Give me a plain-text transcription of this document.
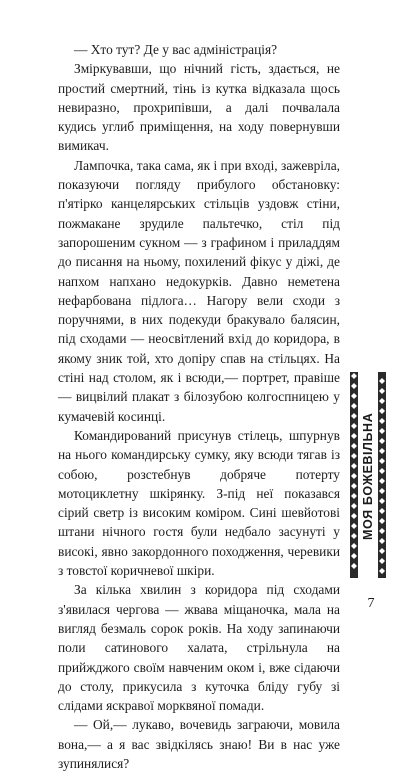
— Хто тут? Де у вас адміністрація?

Зміркувавши, що нічний гість, здається, не простий смертний, тінь із кутка відказала щось невиразно, прохрипівши, а далі почвалала кудись углиб приміщення, на ходу повернувши вимикач.

Лампочка, така сама, як і при вході, зажевріла, показуючи погляду прибулого обстановку: п'ятірко канцелярських стільців уздовж стіни, пожмакане зрудиле пальтечко, стіл під запорошеним сукном — з графином і приладдям до писання на ньому, похилений фікус у діжі, де напхом напхано недокурків. Давно неметена нефарбована підлога… Нагору вели сходи з поручнями, в них подекуди бракувало балясин, під сходами — неосвітлений вхід до коридора, в якому зник той, хто допіру спав на стільцях. На стіні над столом, як і всюди,— портрет, правіше — вицвілий плакат з білозубою колгоспницею у кумачевій косинці.

Командирований присунув стілець, шпурнув на нього командирську сумку, яку всюди тягав із собою, розстебнув добряче потерту мотоциклетну шкірянку. З-під неї показався сірий светр із високим коміром. Сині шевйотові штани нічного гостя були недбало засунуті у високі, явно закордонного походження, черевики з товстої коричневої шкіри.

За кілька хвилин з коридора під сходами з'явилася чергова — жвава міщаночка, мала на вигляд безмаль сорок років. На ходу запинаючи поли сатинового халата, стрільнула на прийжджого своїм навченим оком і, вже сідаючи до столу, прикусила з куточка бліду губу зі слідами яскравої морквяної помади.

— Ой,— лукаво, вочевидь заграючи, мовила вона,— а я вас звідкілясь знаю! Ви в нас уже зупинялися?

МОЯ БОЖЕВІЛЬНА
7
